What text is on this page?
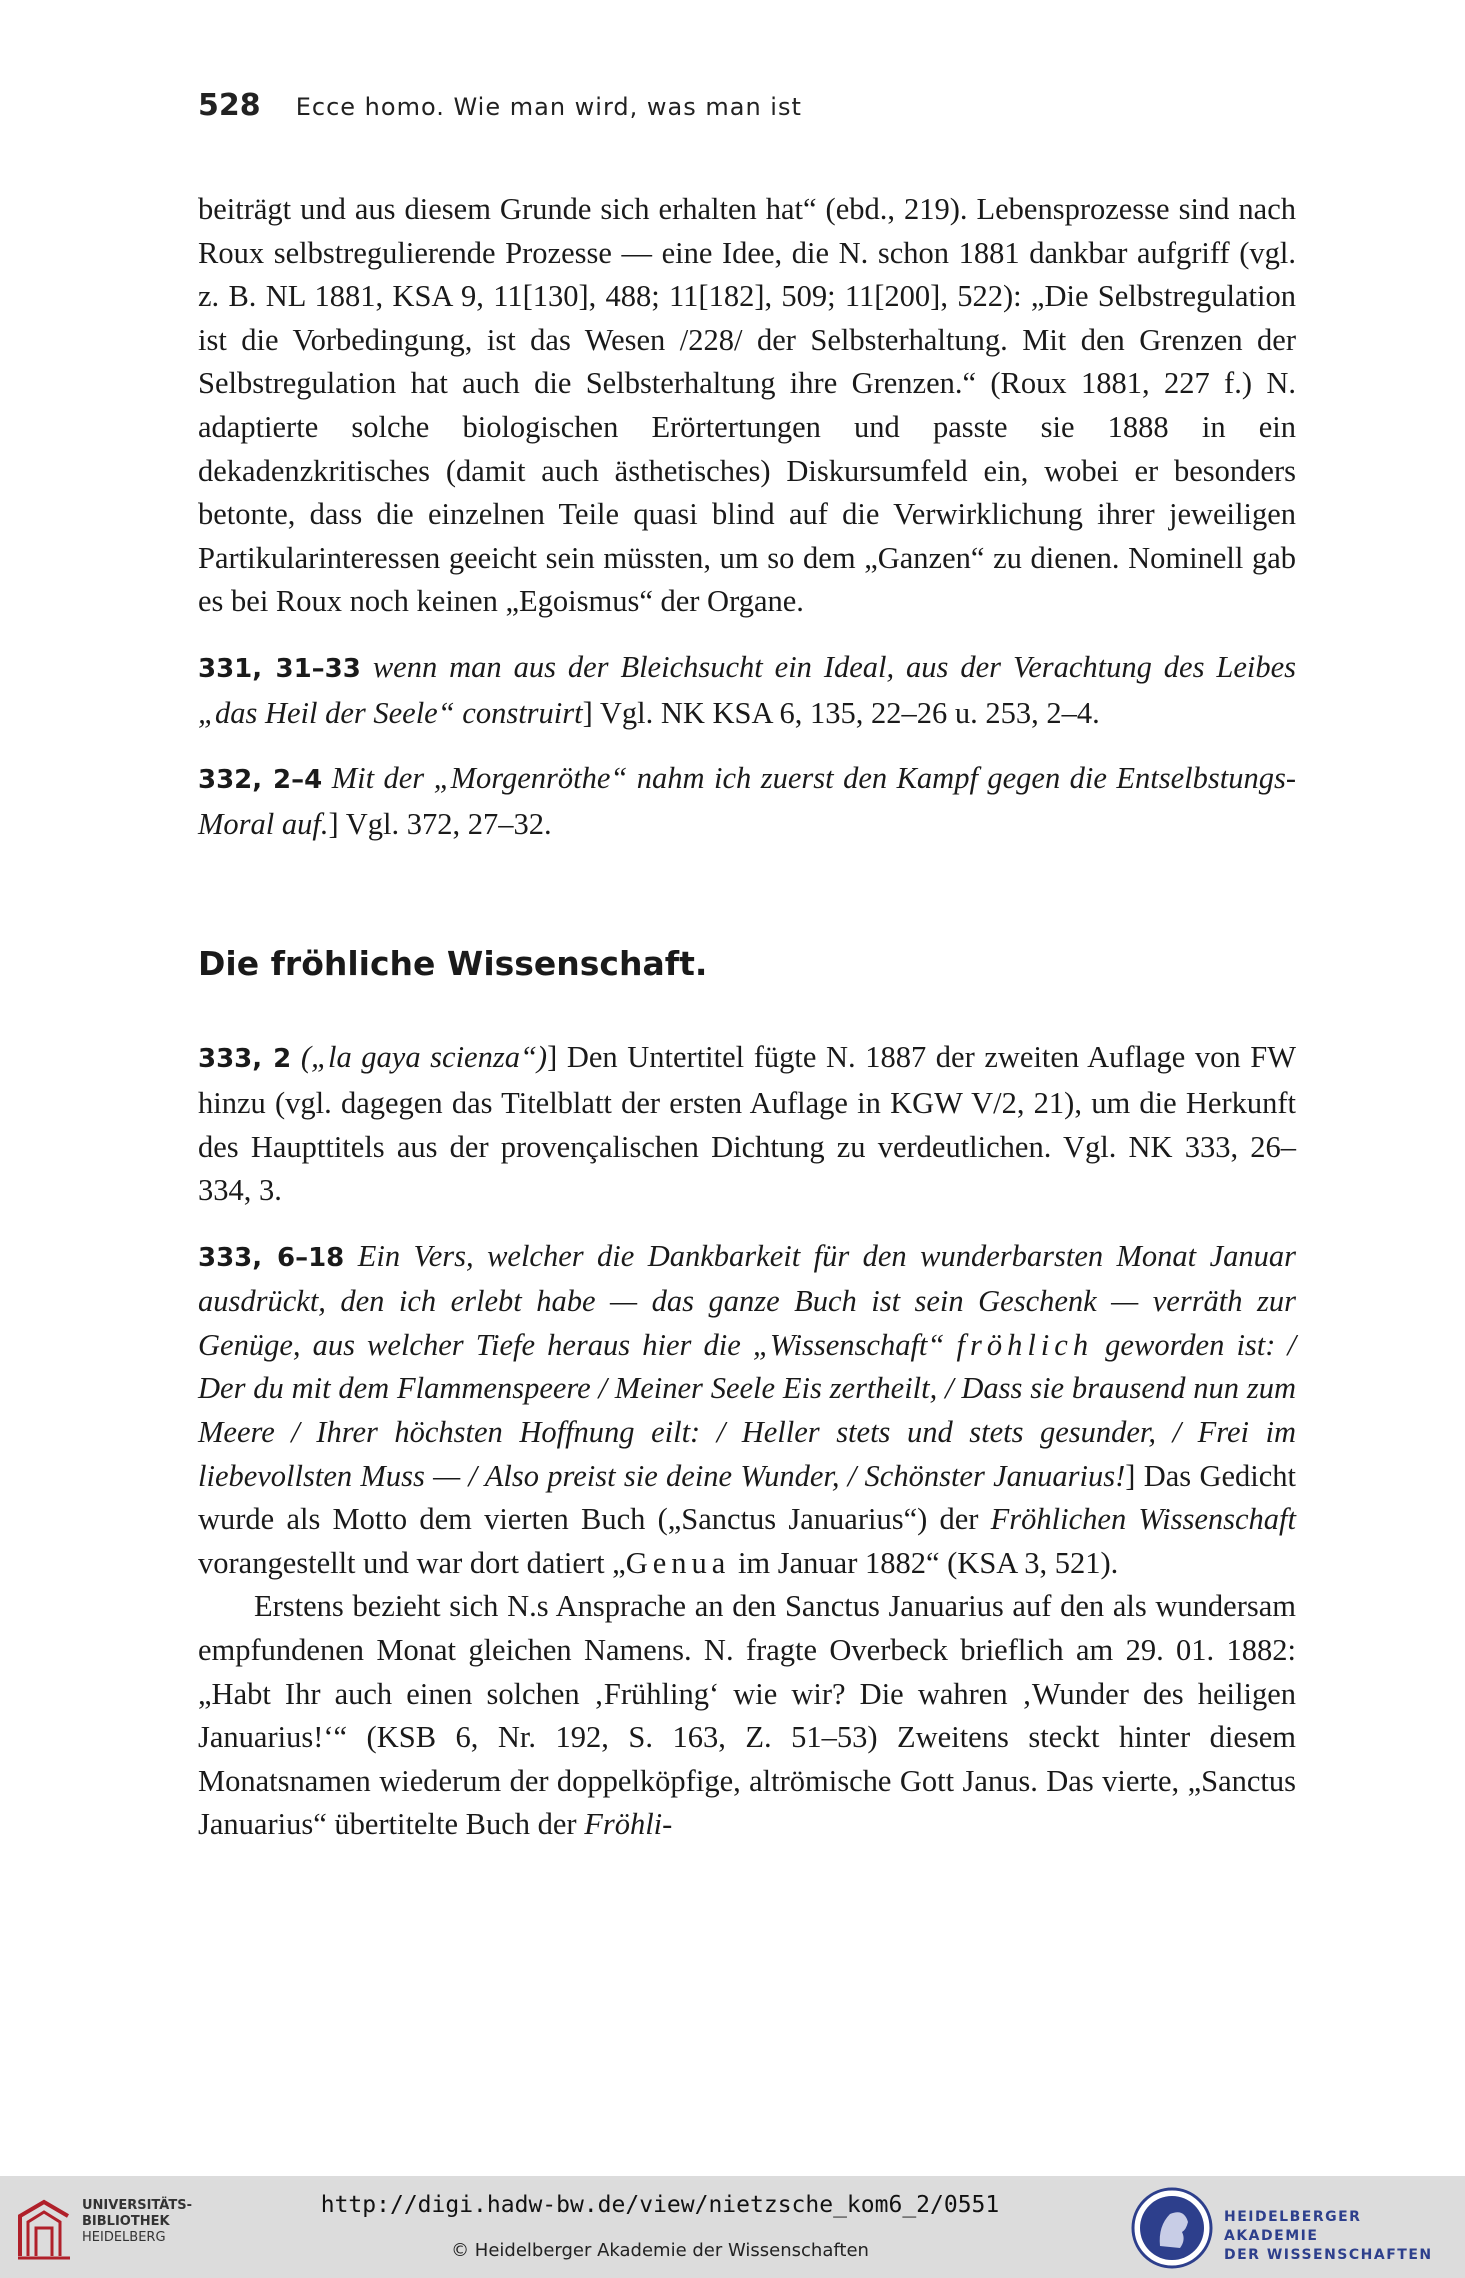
528 Ecce homo. Wie man wird, was man ist

beiträgt und aus diesem Grunde sich erhalten hat“ (ebd., 219). Lebensprozesse sind nach Roux selbstregulierende Prozesse — eine Idee, die N. schon 1881 dankbar aufgriff (vgl. z. B. NL 1881, KSA 9, 11[130], 488; 11[182], 509; 11[200], 522): „Die Selbstregulation ist die Vorbedingung, ist das Wesen /228/ der Selbsterhaltung. Mit den Grenzen der Selbstregulation hat auch die Selbsterhaltung ihre Grenzen.“ (Roux 1881, 227 f.) N. adaptierte solche biologischen Erörtertungen und passte sie 1888 in ein dekadenzkritisches (damit auch ästhetisches) Diskursumfeld ein, wobei er besonders betonte, dass die einzelnen Teile quasi blind auf die Verwirklichung ihrer jeweiligen Partikularinteressen geeicht sein müssten, um so dem „Ganzen“ zu dienen. Nominell gab es bei Roux noch keinen „Egoismus“ der Organe.

331, 31–33 wenn man aus der Bleichsucht ein Ideal, aus der Verachtung des Leibes „das Heil der Seele“ construirt] Vgl. NK KSA 6, 135, 22–26 u. 253, 2–4.

332, 2–4 Mit der „Morgenröthe“ nahm ich zuerst den Kampf gegen die Entselbstungs-Moral auf.] Vgl. 372, 27–32.

Die fröhliche Wissenschaft.

333, 2 („la gaya scienza“)] Den Untertitel fügte N. 1887 der zweiten Auflage von FW hinzu (vgl. dagegen das Titelblatt der ersten Auflage in KGW V/2, 21), um die Herkunft des Haupttitels aus der provençalischen Dichtung zu verdeutlichen. Vgl. NK 333, 26–334, 3.

333, 6–18 Ein Vers, welcher die Dankbarkeit für den wunderbarsten Monat Januar ausdrückt, den ich erlebt habe — das ganze Buch ist sein Geschenk — verräth zur Genüge, aus welcher Tiefe heraus hier die „Wissenschaft“ fröhlich geworden ist: / Der du mit dem Flammenspeere / Meiner Seele Eis zertheilt, / Dass sie brausend nun zum Meere / Ihrer höchsten Hoffnung eilt: / Heller stets und stets gesunder, / Frei im liebevollsten Muss — / Also preist sie deine Wunder, / Schönster Januarius!] Das Gedicht wurde als Motto dem vierten Buch („Sanctus Januarius“) der Fröhlichen Wissenschaft vorangestellt und war dort datiert „Genua im Januar 1882“ (KSA 3, 521).

Erstens bezieht sich N.s Ansprache an den Sanctus Januarius auf den als wundersam empfundenen Monat gleichen Namens. N. fragte Overbeck brieflich am 29. 01. 1882: „Habt Ihr auch einen solchen ‚Frühling‘ wie wir? Die wahren ‚Wunder des heiligen Januarius!‘“ (KSB 6, Nr. 192, S. 163, Z. 51–53) Zweitens steckt hinter diesem Monatsnamen wiederum der doppelköpfige, altrömische Gott Janus. Das vierte, „Sanctus Januarius“ übertitelte Buch der Fröhli-

UNIVERSITÄTS-
BIBLIOTHEK
HEIDELBERG
http://digi.hadw-bw.de/view/nietzsche_kom6_2/0551
© Heidelberger Akademie der Wissenschaften
HEIDELBERGER AKADEMIE
DER WISSENSCHAFTEN
